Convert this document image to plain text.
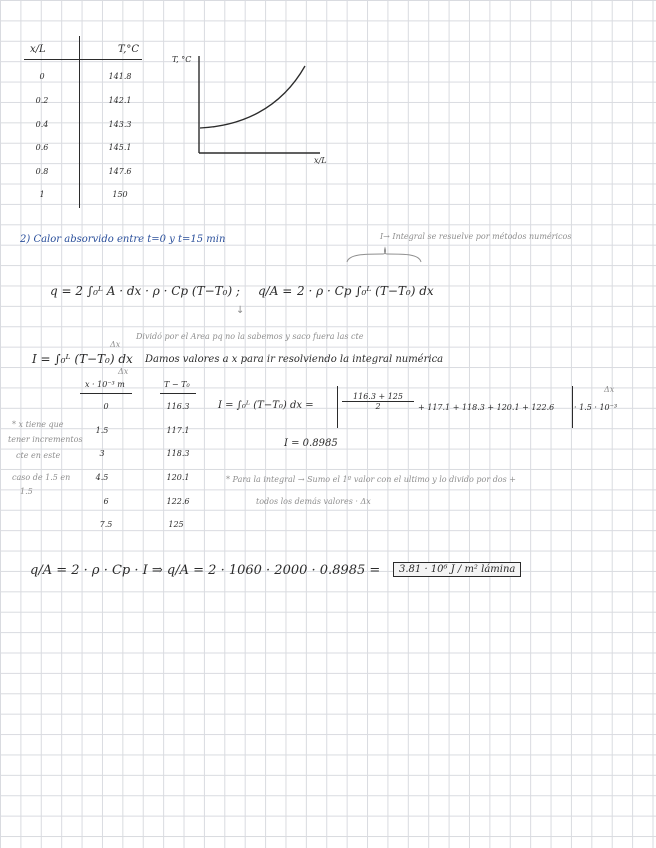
x/L	T,°C
0	141.8
0.2	142.1
0.4	143.3
0.6	145.1
0.8	147.6
1	150
T, °C
x/L
2) Calor absorvido entre t=0 y t=15 min	I→ Integral se resuelve por métodos numéricos
q = 2 ∫₀ᴸ A · dx · ρ · Cp (T−T₀) ; q/A = 2 · ρ · Cp ∫₀ᴸ (T−T₀) dx
↓
Dividó por el Area pq no la sabemos y saco fuera las cte
I = ∫₀ᴸ (T−T₀) dx
Δx
Damos valores a x para ir resolviendo la integral numérica
x · 10⁻³ m
Δx
T − T₀
0	116.3
1.5	117.1
3	118.3
4.5	120.1
6	122.6
7.5	125
* x tiene que
tener incrementos
cte en este
caso de 1.5 en
1.5
I = ∫₀ᴸ (T−T₀) dx =	$\frac{116.3 + 125}{2} + 117.1 + 118.3 + 120.1 + 122.6 \cdot 1.5 \cdot 10^{-3}$
Δx
I = 0.8985
* Para la integral → Sumo el 1º valor con el ultimo y lo divido por dos +
todos los demás valores · Δx
q/A = 2 · ρ · Cp · I ⇒ q/A = 2 · 1060 · 2000 · 0.8985 =	3.81 · 10⁶ J / m² lámina
